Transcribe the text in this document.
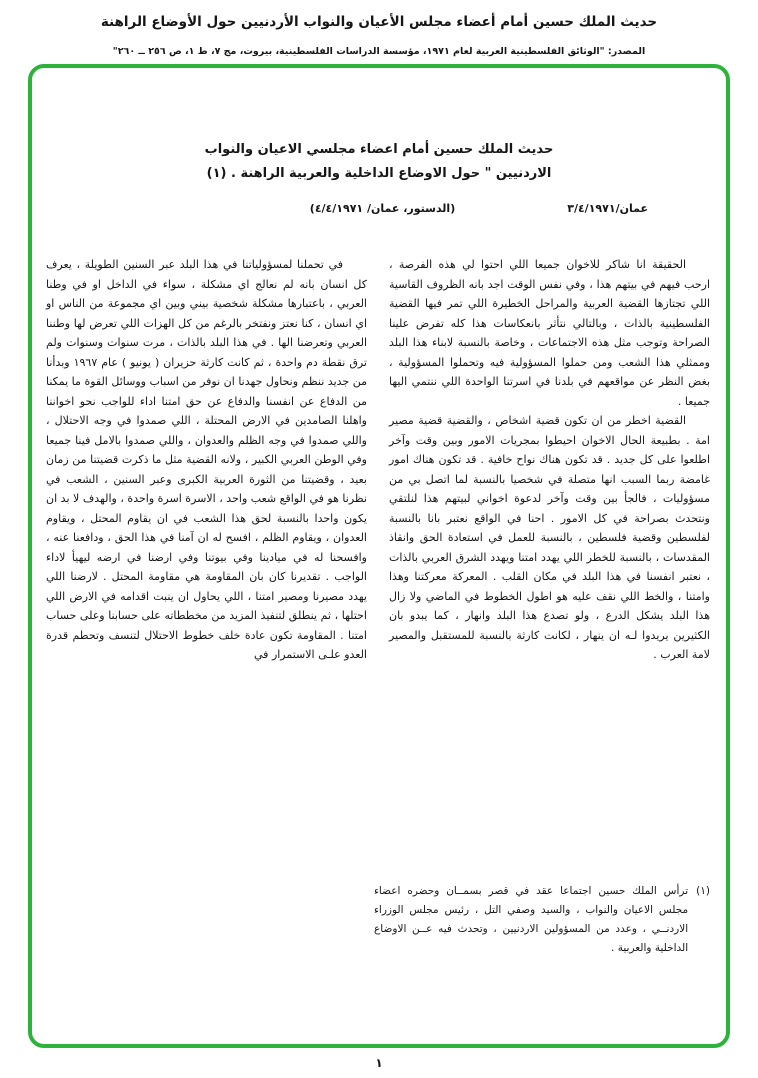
حديث الملك حسين أمام أعضاء مجلس الأعيان والنواب الأردنيين حول الأوضاع الراهنة
المصدر: "الوثائق الفلسطينية العربية لعام ١٩٧١، مؤسسة الدراسات الفلسطينية، بيروت، مج ٧، ط ١، ص ٢٥٦ ــ ٢٦٠"
حديث الملك حسين أمام اعضاء مجلسي الاعيان والنواب
الاردنيين " حول الاوضاع الداخلية والعربية الراهنة . (١)
عمان/٣/٤/١٩٧١
(الدستور، عمان/ ٤/٤/١٩٧١)

الحقيقة انا شاكر للاخوان جميعا اللي احتوا لي هذه الفرصة ، ارحب فيهم في بيتهم هذا ، وفي نفس الوقت اجد بانه الظروف القاسية اللي تجتازها القضية العربية والمراحل الخطيرة اللي تمر فيها القضية الفلسطينية بالذات ، وبالتالي نتأثر بانعكاسات هذا كله تفرض علينا الصراحة وتوجب مثل هذه الاجتماعات ، وخاصة بالنسبة لابناء هذا البلد وممثلي هذا الشعب ومن حملوا المسؤولية فيه وتحملوا المسؤولية ، بغض النظر عن مواقعهم في بلدنا في اسرتنا الواحدة اللي ننتمي اليها جميعا .

القضية اخطر من ان تكون قضية اشخاص ، والقضية قضية مصير امة . بطبيعة الحال الاخوان احيطوا بمجريات الامور وبين وقت وآخر اطلعوا على كل جديد . قد تكون هناك نواح خافية . قد تكون هناك امور غامضة ربما السبب انها متصلة في شخصيا بالنسبة لما اتصل بي من مسؤوليات ، فالجأ بين وقت وآخر لدعوة اخواني لبيتهم هذا لنلتقي ونتحدث بصراحة في كل الامور . احنا في الواقع نعتبر بانا بالنسبة لفلسطين وقضية فلسطين ، بالنسبة للعمل في استعادة الحق وانقاذ المقدسات ، بالنسبة للخطر اللي يهدد امتنا ويهدد الشرق العربي بالذات ، نعتبر انفسنا في هذا البلد في مكان القلب . المعركة معركتنا وهذا وامتنا ، والخط اللي نقف عليه هو اطول الخطوط في الماضي ولا زال هذا البلد يشكل الدرع ، ولو تصدع هذا البلد وانهار ، كما يبدو بان الكثيرين يريدوا لـه ان ينهار ، لكانت كارثة بالنسبة للمستقبل والمصير لامة العرب .

في تحملنا لمسؤولياتنا في هذا البلد عبر السنين الطويلة ، يعرف كل انسان بانه لم نعالج اي مشكلة ، سواء في الداخل او في وطنا العربي ، باعتبارها مشكلة شخصية بيني وبين اي مجموعة من الناس او اي انسان ، كنا نعتز ونفتخر بالرغم من كل الهزات اللي تعرض لها وطننا العربي وتعرضنا الها . في هذا البلد بالذات ، مرت سنوات وسنوات ولم ترق نقطة دم واحدة ، ثم كانت كارثة حزيران ( يونيو ) عام ١٩٦٧ وبدأنا من جديد ننظم ونحاول جهدنا ان نوفر من اسباب ووسائل القوة ما يمكنا من الدفاع عن انفسنا والدفاع عن حق امتنا اداء للواجب نحو اخواننا واهلنا الصامدين في الارض المحتلة ، اللي صمدوا في وجه الاحتلال ، واللي صمدوا في وجه الظلم والعدوان ، واللي صمدوا بالامل فينا جميعا وفي الوطن العربي الكبير ، ولانه القضية مثل ما ذكرت قضيتنا من زمان بعيد ، وقضيتنا من الثورة العربية الكبرى وعبر السنين ، الشعب في نظرنا هو في الواقع شعب واحد ، الاسرة اسرة واحدة ، والهدف لا بد ان يكون واحدا بالنسبة لحق هذا الشعب في ان يقاوم المحتل ، ويقاوم العدوان ، ويقاوم الظلم ، افسح له ان آمنا في هذا الحق ، ودافعنا عنه ، وافسحنا له في ميادينا وفي بيوتنا وفي ارضنا في ارضه ليهيأ لاداء الواجب . تقديرنا كان بان المقاومة هي مقاومة المحتل . لارضنا اللي يهدد مصيرنا ومصير امتنا ، اللي يحاول ان ينبت اقدامه في الارض اللي احتلها ، ثم ينطلق لتنفيذ المزيد من مخططاته على حسابنا وعلى حساب امتنا . المقاومة تكون عادة خلف خطوط الاحتلال لتنسف وتحطم قدرة العدو علـى الاستمرار في

(١)
ترأس الملك حسين اجتماعا عقد في قصر بسمــان وحضره اعضاء مجلس الاعيان والنواب ، والسيد وصفي التل ، رئيس مجلس الوزراء الاردنــي ، وعدد من المسؤولين الاردنيين ، وتحدث فيه عــن الاوضاع الداخلية والعربية .
١
